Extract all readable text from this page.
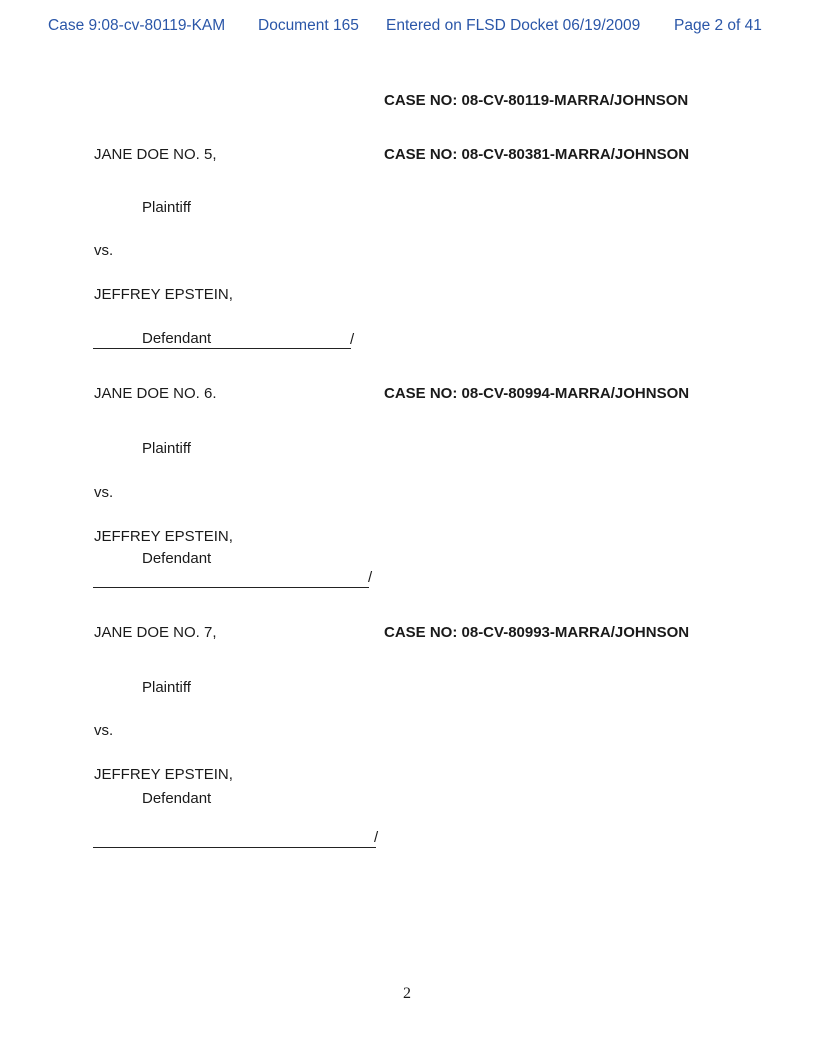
Case 9:08-cv-80119-KAM Document 165 Entered on FLSD Docket 06/19/2009 Page 2 of 41
CASE NO: 08-CV-80119-MARRA/JOHNSON
JANE DOE NO. 5,	CASE NO: 08-CV-80381-MARRA/JOHNSON
Plaintiff
vs.
JEFFREY EPSTEIN,
Defendant	/
JANE DOE NO. 6.	CASE NO: 08-CV-80994-MARRA/JOHNSON
Plaintiff
vs.
JEFFREY EPSTEIN,
Defendant
/
JANE DOE NO. 7,	CASE NO: 08-CV-80993-MARRA/JOHNSON
Plaintiff
vs.
JEFFREY EPSTEIN,
Defendant
/
2
